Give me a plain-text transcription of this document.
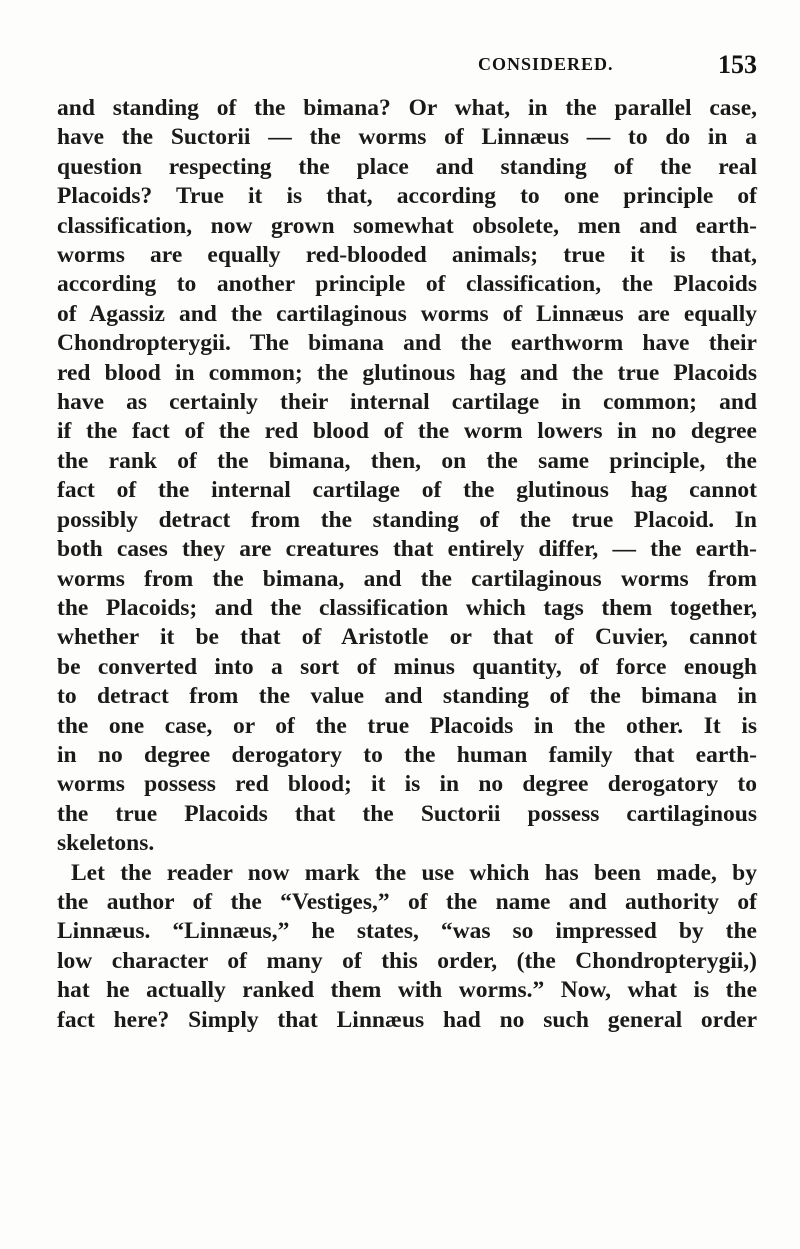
CONSIDERED.	153
and standing of the bimana? Or what, in the parallel case,
have the Suctorii — the worms of Linnæus — to do in a
question respecting the place and standing of the real
Placoids? True it is that, according to one principle of
classification, now grown somewhat obsolete, men and earth-
worms are equally red-blooded animals; true it is that,
according to another principle of classification, the Placoids
of Agassiz and the cartilaginous worms of Linnæus are equally
Chondropterygii. The bimana and the earthworm have their
red blood in common; the glutinous hag and the true Placoids
have as certainly their internal cartilage in common; and
if the fact of the red blood of the worm lowers in no degree
the rank of the bimana, then, on the same principle, the
fact of the internal cartilage of the glutinous hag cannot
possibly detract from the standing of the true Placoid. In
both cases they are creatures that entirely differ, — the earth-
worms from the bimana, and the cartilaginous worms from
the Placoids; and the classification which tags them together,
whether it be that of Aristotle or that of Cuvier, cannot
be converted into a sort of minus quantity, of force enough
to detract from the value and standing of the bimana in
the one case, or of the true Placoids in the other. It is
in no degree derogatory to the human family that earth-
worms possess red blood; it is in no degree derogatory to
the true Placoids that the Suctorii possess cartilaginous
skeletons.
Let the reader now mark the use which has been made, by
the author of the “Vestiges,” of the name and authority of
Linnæus. “Linnæus,” he states, “was so impressed by the
low character of many of this order, (the Chondropterygii,)
hat he actually ranked them with worms.” Now, what is the
fact here? Simply that Linnæus had no such general order
